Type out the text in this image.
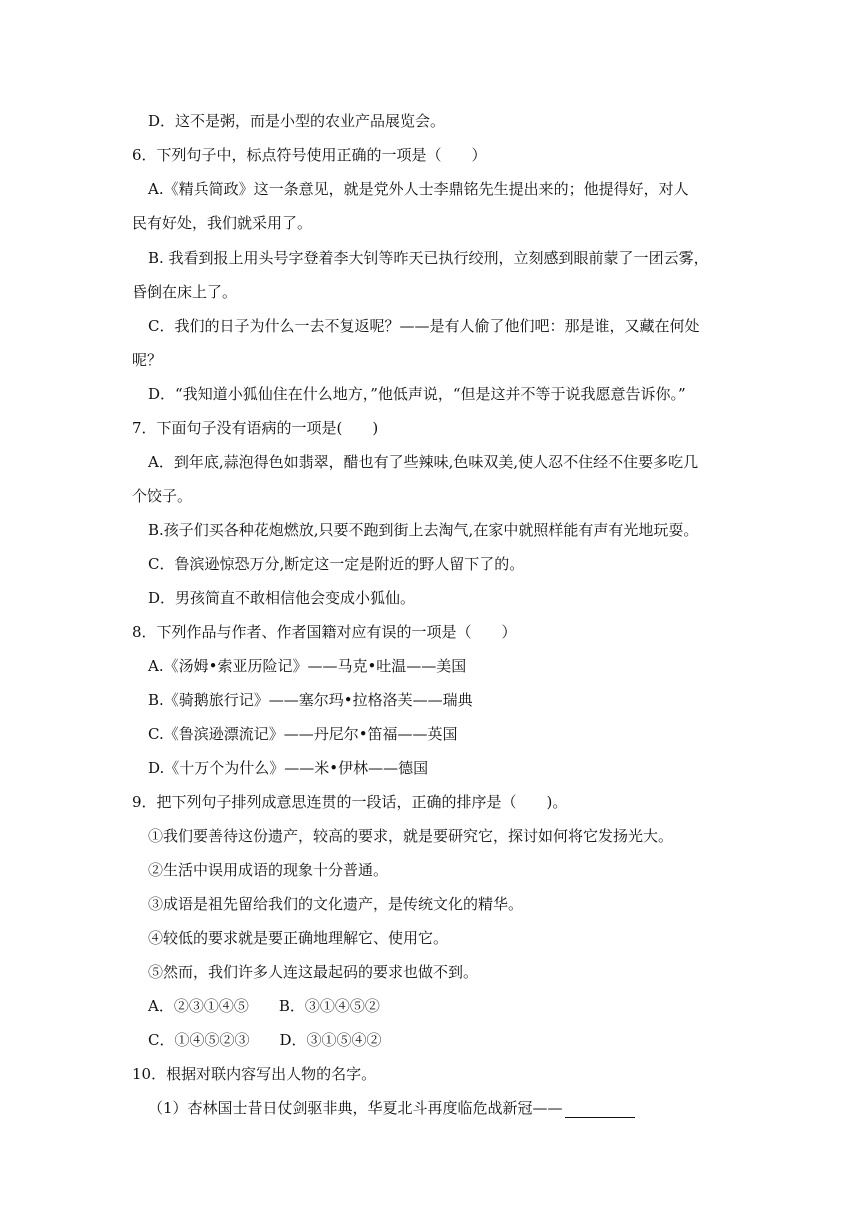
D．这不是粥，而是小型的农业产品展览会。
6．下列句子中，标点符号使用正确的一项是（　　）
A.《精兵简政》这一条意见，就是党外人士李鼎铭先生提出来的；他提得好，对人
民有好处，我们就采用了。
B. 我看到报上用头号字登着李大钊等昨天已执行绞刑，立刻感到眼前蒙了一团云雾，
昏倒在床上了。
C．我们的日子为什么一去不复返呢？——是有人偷了他们吧：那是谁，又藏在何处
呢？
D．“我知道小狐仙住在什么地方，”他低声说，“但是这并不等于说我愿意告诉你。”
7．下面句子没有语病的一项是(　　)
A．到年底,蒜泡得色如翡翠，醋也有了些辣味,色味双美,使人忍不住经不住要多吃几
个饺子。
B.孩子们买各种花炮燃放,只要不跑到街上去淘气,在家中就照样能有声有光地玩耍。
C．鲁滨逊惊恐万分,断定这一定是附近的野人留下了的。
D．男孩简直不敢相信他会变成小狐仙。
8．下列作品与作者、作者国籍对应有误的一项是（　　）
A.《汤姆•索亚历险记》——马克•吐温——美国
B.《骑鹅旅行记》——塞尔玛•拉格洛芙——瑞典
C.《鲁滨逊漂流记》——丹尼尔•笛福——英国
D.《十万个为什么》——米•伊林——德国
9．把下列句子排列成意思连贯的一段话，正确的排序是（　　)。
①我们要善待这份遗产，较高的要求，就是要研究它，探讨如何将它发扬光大。
②生活中误用成语的现象十分普通。
③成语是祖先留给我们的文化遗产，是传统文化的精华。
④较低的要求就是要正确地理解它、使用它。
⑤然而，我们许多人连这最起码的要求也做不到。
A．②③①④⑤　　B．③①④⑤②
C．①④⑤②③　　D．③①⑤④②
10．根据对联内容写出人物的名字。
（1）杏林国士昔日仗剑驱非典，华夏北斗再度临危战新冠——
